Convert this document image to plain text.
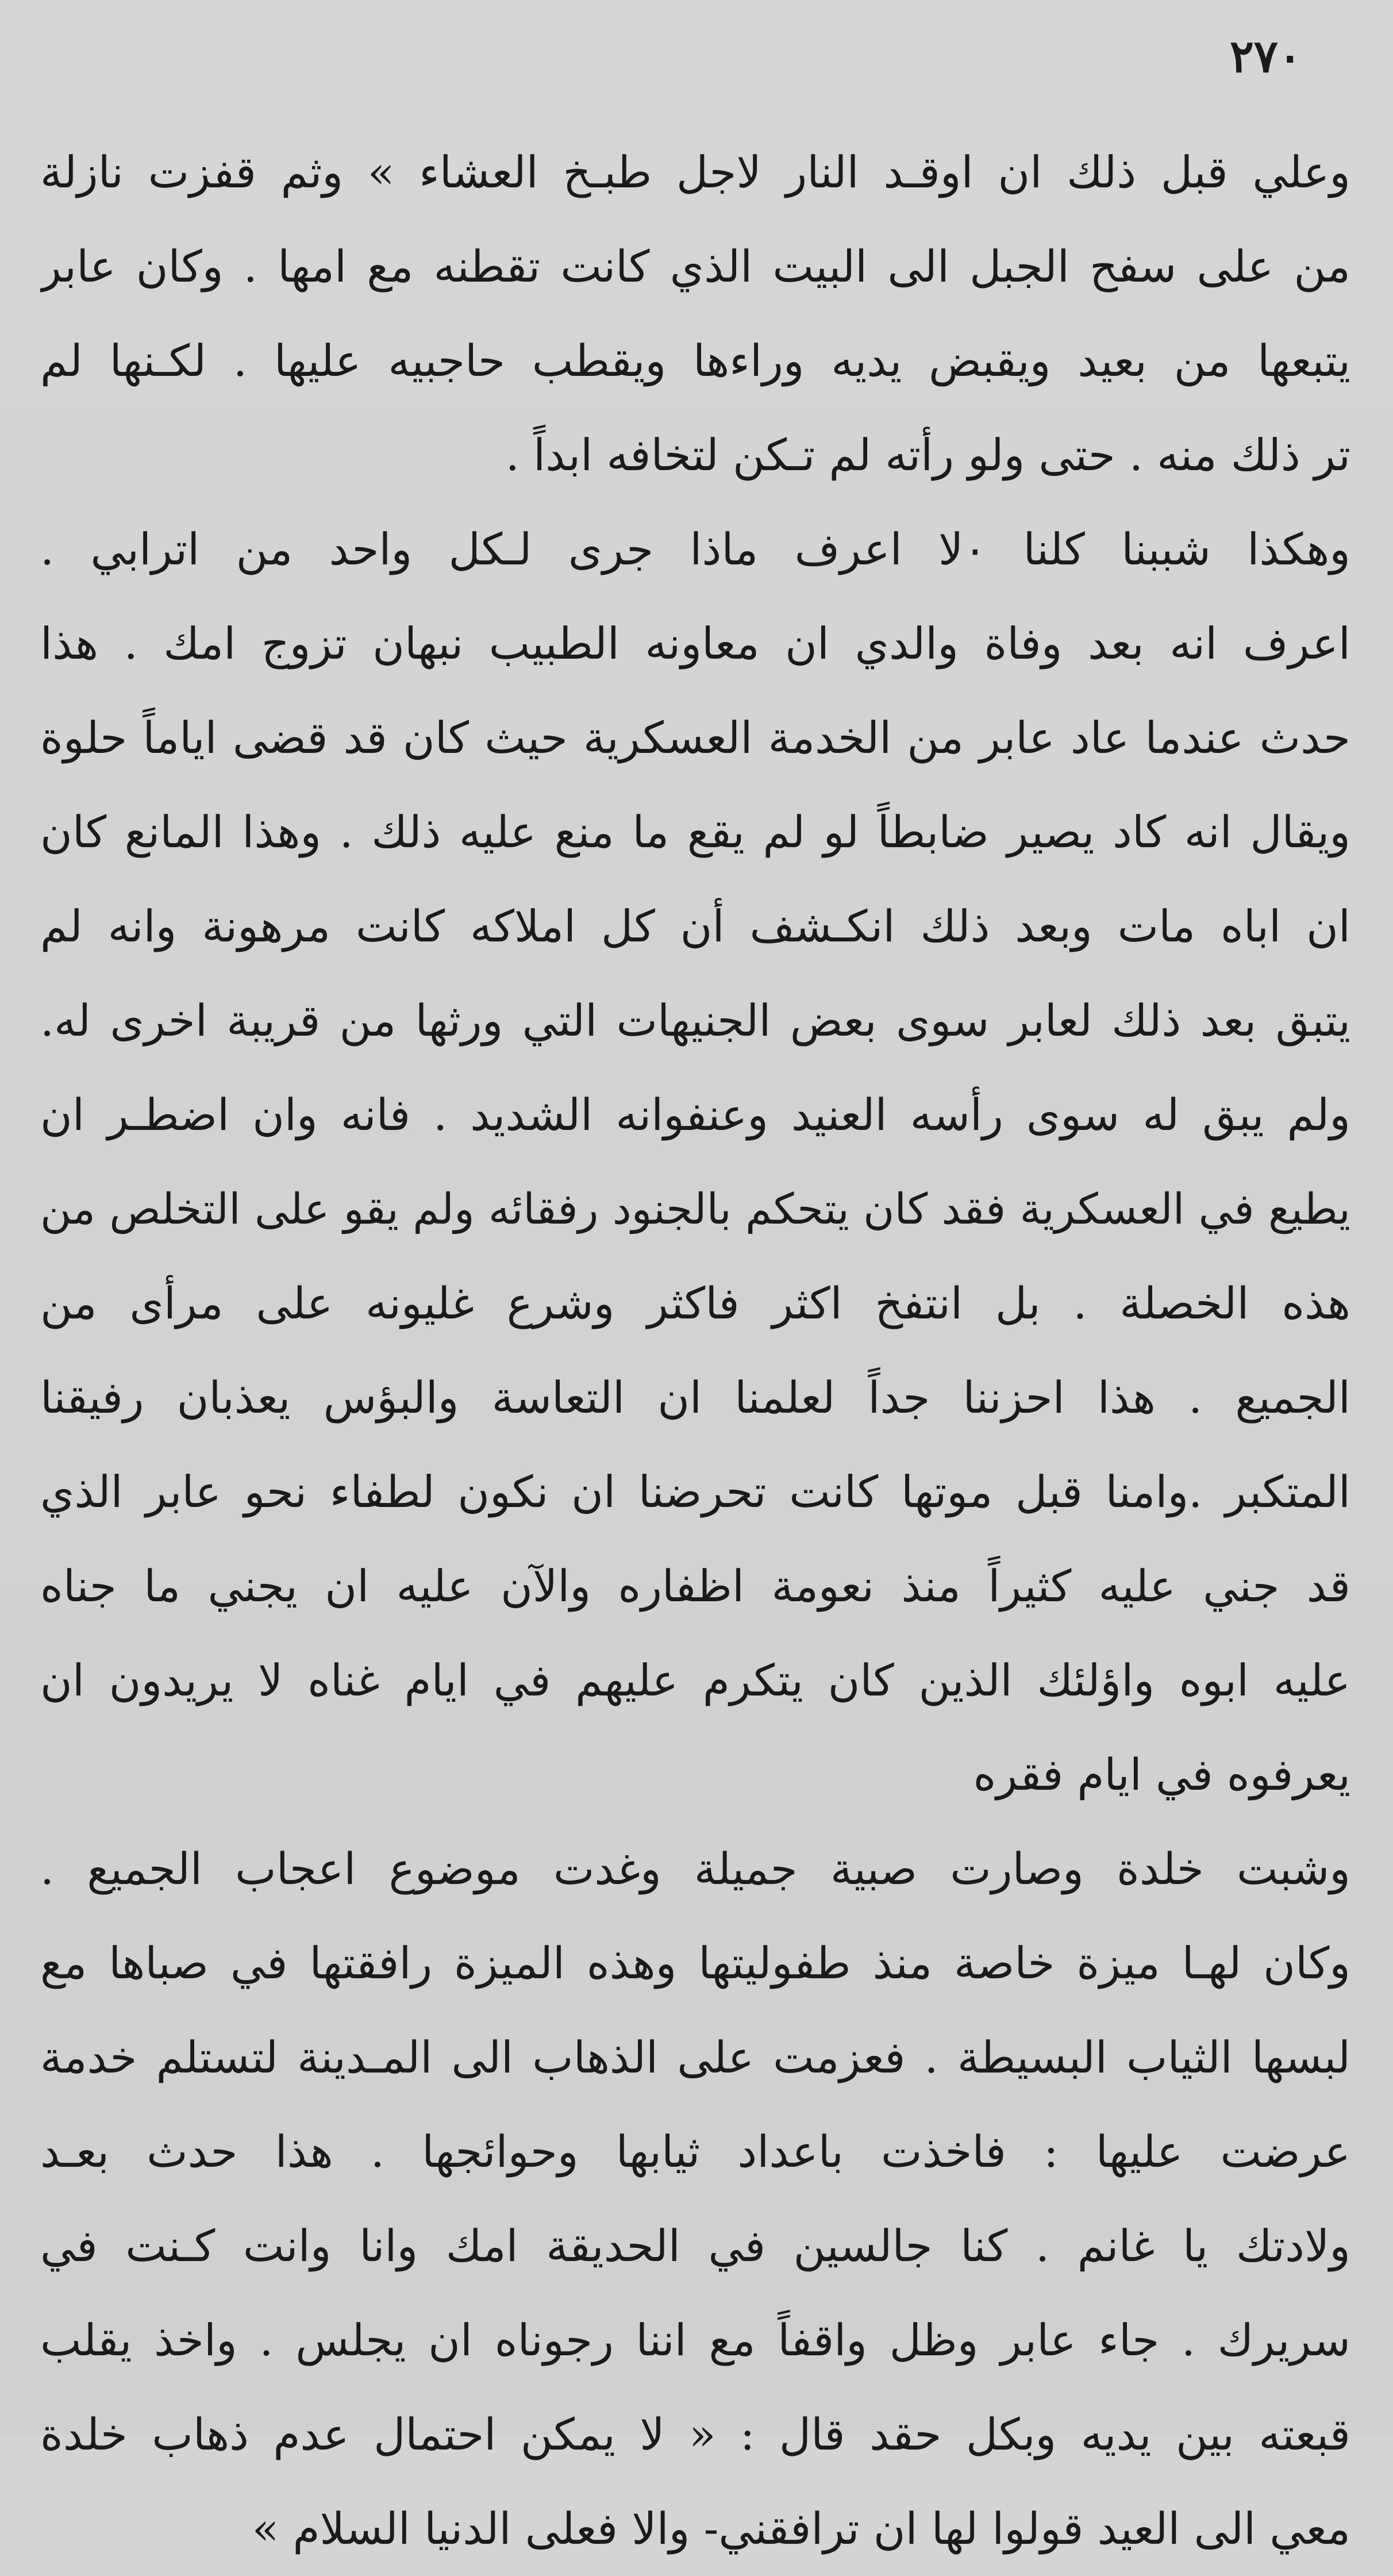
٢٧٠
وعلي قبل ذلك ان اوقـد النار لاجل طبـخ العشاء » وثم قفزت نازلة
من على سفح الجبل الى البيت الذي كانت تقطنه مع امها . وكان عابر
يتبعها من بعيد ويقبض يديه وراءها ويقطب حاجبيه عليها . لكـنها لم
تر ذلك منه . حتى ولو رأته لم تـكن لتخافه ابداً .
وهكذا شببنا كلنا ٠لا اعرف ماذا جرى لـكل واحد من اترابي .
اعرف انه بعد وفاة والدي ان معاونه الطبيب نبهان تزوج امك . هذا
حدث عندما عاد عابر من الخدمة العسكرية حيث كان قد قضى اياماً حلوة
ويقال انه كاد يصير ضابطاً لو لم يقع ما منع عليه ذلك . وهذا المانع كان
ان اباه مات وبعد ذلك انكـشف أن كل املاكه كانت مرهونة وانه لم
يتبق بعد ذلك لعابر سوى بعض الجنيهات التي ورثها من قريبة اخرى له.
ولم يبق له سوى رأسه العنيد وعنفوانه الشديد . فانه وان اضطـر ان
يطيع في العسكرية فقد كان يتحكم بالجنود رفقائه ولم يقو على التخلص من
هذه الخصلة . بل انتفخ اكثر فاكثر وشرع غليونه على مرأى من
الجميع . هذا احزننا جداً لعلمنا ان التعاسة والبؤس يعذبان رفيقنا
المتكبر .وامنا قبل موتها كانت تحرضنا ان نكون لطفاء نحو عابر الذي
قد جني عليه كثيراً منذ نعومة اظفاره والآن عليه ان يجني ما جناه
عليه ابوه واؤلئك الذين كان يتكرم عليهم في ايام غناه لا يريدون ان
يعرفوه في ايام فقره
وشبت خلدة وصارت صبية جميلة وغدت موضوع اعجاب الجميع .
وكان لهـا ميزة خاصة منذ طفوليتها وهذه الميزة رافقتها في صباها مع
لبسها الثياب البسيطة . فعزمت على الذهاب الى المـدينة لتستلم خدمة
عرضت عليها : فاخذت باعداد ثيابها وحوائجها . هذا حدث بعـد
ولادتك يا غانم . كنا جالسين في الحديقة امك وانا وانت كـنت في
سريرك . جاء عابر وظل واقفاً مع اننا رجوناه ان يجلس . واخذ يقلب
قبعته بين يديه وبكل حقد قال : « لا يمكن احتمال عدم ذهاب خلدة
معي الى العيد قولوا لها ان ترافقني- والا فعلى الدنيا السلام »
